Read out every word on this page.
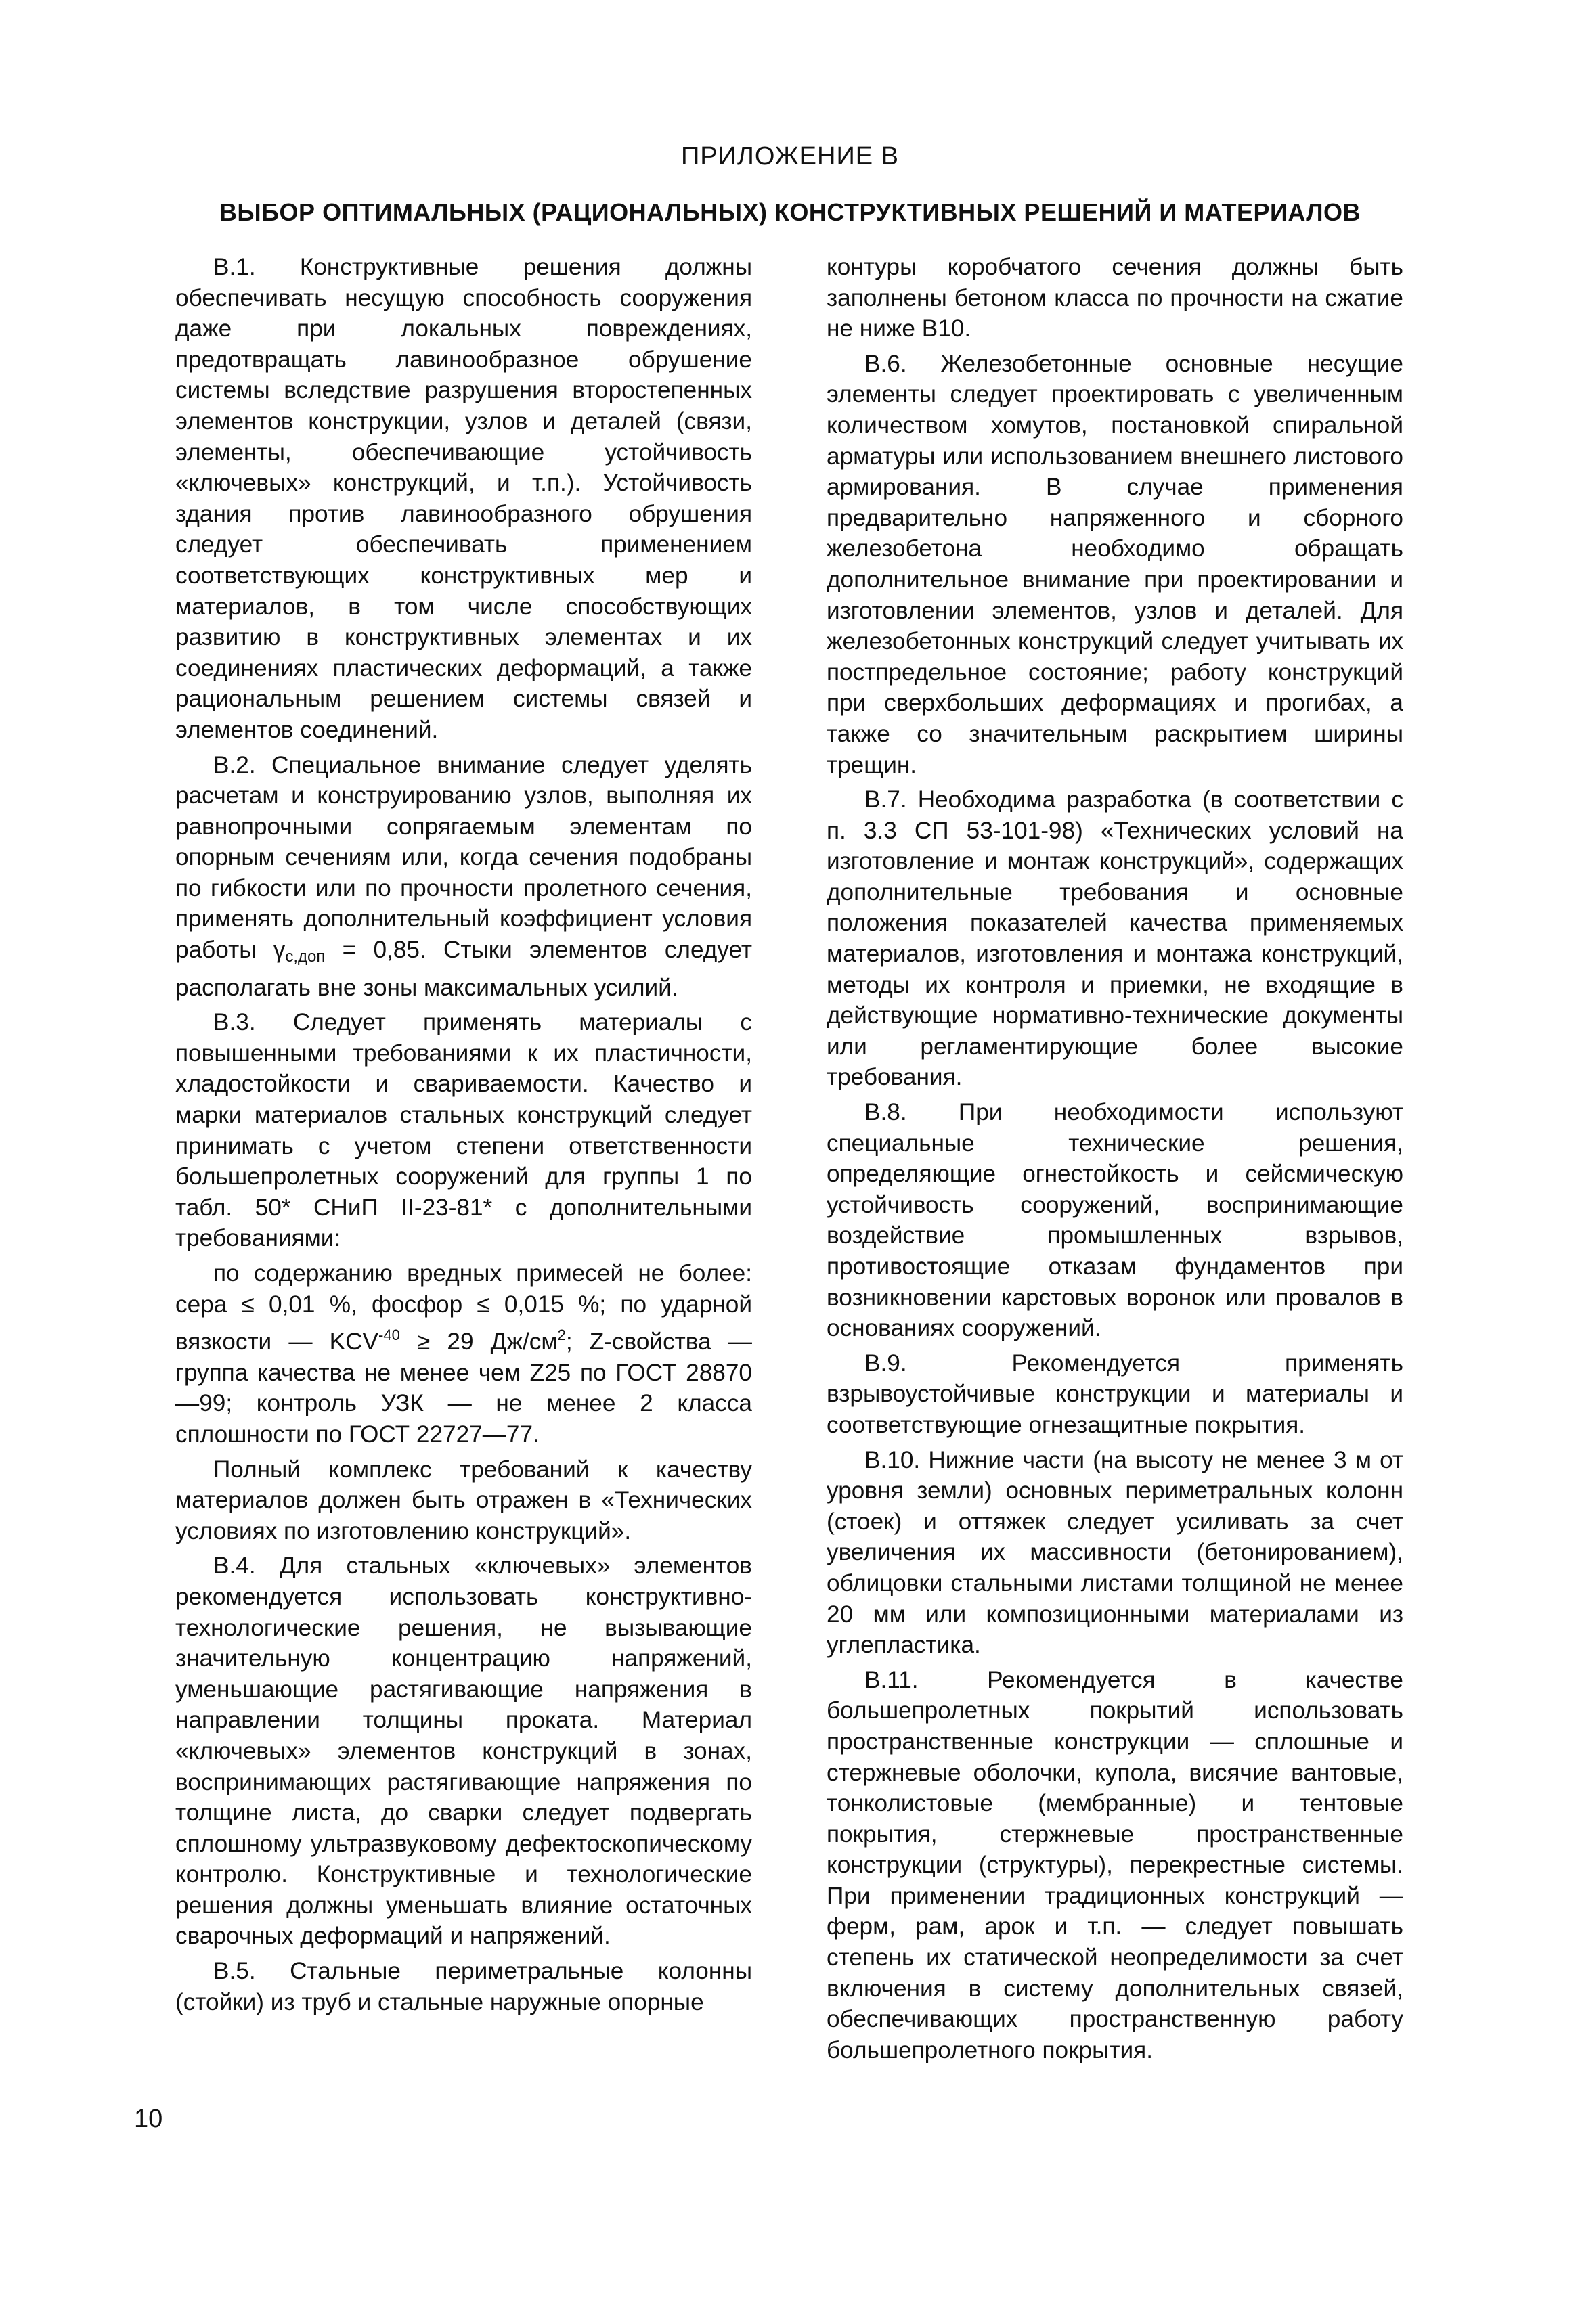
ПРИЛОЖЕНИЕ В
ВЫБОР ОПТИМАЛЬНЫХ (РАЦИОНАЛЬНЫХ) КОНСТРУКТИВНЫХ РЕШЕНИЙ И МАТЕРИАЛОВ

В.1. Конструктивные решения должны обеспечивать несущую способность сооружения даже при локальных повреждениях, предотвращать лавинообразное обрушение системы вследствие разрушения второстепенных элементов конструкции, узлов и деталей (связи, элементы, обеспечивающие устойчивость «ключевых» конструкций, и т.п.). Устойчивость здания против лавинообразного обрушения следует обеспечивать применением соответствующих конструктивных мер и материалов, в том числе способствующих развитию в конструктивных элементах и их соединениях пластических деформаций, а также рациональным решением системы связей и элементов соединений.

В.2. Специальное внимание следует уделять расчетам и конструированию узлов, выполняя их равнопрочными сопрягаемым элементам по опорным сечениям или, когда сечения подобраны по гибкости или по прочности пролетного сечения, применять дополнительный коэффициент условия работы $\gamma_{c,доп} = 0,85$. Стыки элементов следует располагать вне зоны максимальных усилий.

В.3. Следует применять материалы с повышенными требованиями к их пластичности, хладостойкости и свариваемости. Качество и марки материалов стальных конструкций следует принимать с учетом степени ответственности большепролетных сооружений для группы 1 по табл. 50* СНиП II-23-81* с дополнительными требованиями:

по содержанию вредных примесей не более: сера ≤ 0,01 %, фосфор ≤ 0,015 %; по ударной вязкости — $KCV^{-40} \ge 29$ $Дж/см^2$; Z-свойства — группа качества не менее чем Z25 по ГОСТ 28870—99; контроль УЗК — не менее 2 класса сплошности по ГОСТ 22727—77.

Полный комплекс требований к качеству материалов должен быть отражен в «Технических условиях по изготовлению конструкций».

В.4. Для стальных «ключевых» элементов рекомендуется использовать конструктивно-технологические решения, не вызывающие значительную концентрацию напряжений, уменьшающие растягивающие напряжения в направлении толщины проката. Материал «ключевых» элементов конструкций в зонах, воспринимающих растягивающие напряжения по толщине листа, до сварки следует подвергать сплошному ультразвуковому дефектоскопическому контролю. Конструктивные и технологические решения должны уменьшать влияние остаточных сварочных деформаций и напряжений.

В.5. Стальные периметральные колонны (стойки) из труб и стальные наружные опорные

контуры коробчатого сечения должны быть заполнены бетоном класса по прочности на сжатие не ниже В10.

В.6. Железобетонные основные несущие элементы следует проектировать с увеличенным количеством хомутов, постановкой спиральной арматуры или использованием внешнего листового армирования. В случае применения предварительно напряженного и сборного железобетона необходимо обращать дополнительное внимание при проектировании и изготовлении элементов, узлов и деталей. Для железобетонных конструкций следует учитывать их постпредельное состояние; работу конструкций при сверхбольших деформациях и прогибах, а также со значительным раскрытием ширины трещин.

В.7. Необходима разработка (в соответствии с п. 3.3 СП 53-101-98) «Технических условий на изготовление и монтаж конструкций», содержащих дополнительные требования и основные положения показателей качества применяемых материалов, изготовления и монтажа конструкций, методы их контроля и приемки, не входящие в действующие нормативно-технические документы или регламентирующие более высокие требования.

В.8. При необходимости используют специальные технические решения, определяющие огнестойкость и сейсмическую устойчивость сооружений, воспринимающие воздействие промышленных взрывов, противостоящие отказам фундаментов при возникновении карстовых воронок или провалов в основаниях сооружений.

В.9. Рекомендуется применять взрывоустойчивые конструкции и материалы и соответствующие огнезащитные покрытия.

В.10. Нижние части (на высоту не менее 3 м от уровня земли) основных периметральных колонн (стоек) и оттяжек следует усиливать за счет увеличения их массивности (бетонированием), облицовки стальными листами толщиной не менее 20 мм или композиционными материалами из углепластика.

В.11. Рекомендуется в качестве большепролетных покрытий использовать пространственные конструкции — сплошные и стержневые оболочки, купола, висячие вантовые, тонколистовые (мембранные) и тентовые покрытия, стержневые пространственные конструкции (структуры), перекрестные системы. При применении традиционных конструкций — ферм, рам, арок и т.п. — следует повышать степень их статической неопределимости за счет включения в систему дополнительных связей, обеспечивающих пространственную работу большепролетного покрытия.

10
